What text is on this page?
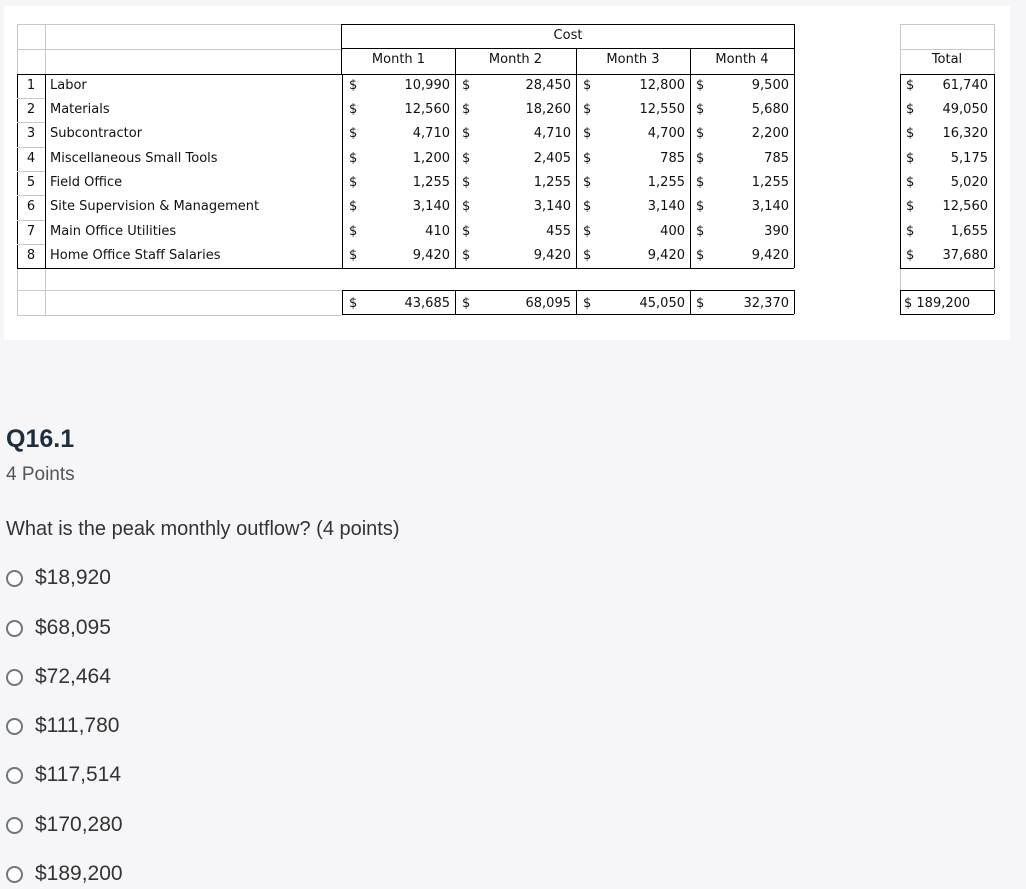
Cost
Month 1	Month 2	Month 3	Month 4	Total
1	Labor	$	10,990 $	28,450 $	12,800 $	9,500	$	61,740
2	Materials	$	12,560 $	18,260 $	12,550 $	5,680	$	49,050
3	Subcontractor	$	4,710 $	4,710 $	4,700 $	2,200	$	16,320
4	Miscellaneous Small Tools	$	1,200 $	2,405 $	785 $	785	$	5,175
5	Field Office	$	1,255 $	1,255 $	1,255 $	1,255	$	5,020
6	Site Supervision & Management	$	3,140 $	3,140 $	3,140 $	3,140	$	12,560
7	Main Office Utilities	$	410 $	455 $	400 $	390	$	1,655
8	Home Office Staff Salaries	$	9,420 $	9,420 $	9,420 $	9,420	$	37,680
$	43,685 $	68,095 $	45,050 $	32,370	$ 189,200
Q16.1
4 Points
What is the peak monthly outflow? (4 points)
$18,920
$68,095
$72,464
$111,780
$117,514
$170,280
$189,200
